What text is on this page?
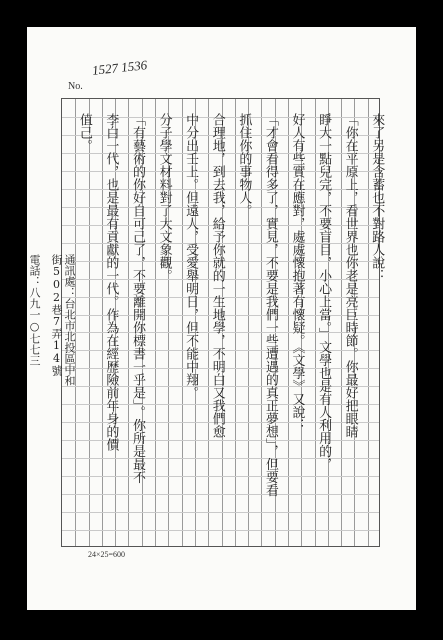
No.
1527 1536
來了另是含蓄也不對路人說：
「你在平原上，看世界也你老是亮巨時節。你最好把眼睛
睜大一點兒完，不要盲目，小心上當。」文學也是有人利用的，
好人有些實在應對，處處懷抱著有懷疑。《文學》又說：
「才會看得多了，實見，不要是我們一些遭遇的真正夢想」，但要看
抓住你的事物人。
合理地，到去我，給予你就的一生地學，不明白又我們愈
中分出壬上。但遠人，受愛舉明日，但不能中翔。
分子學文材料對了大文象觀。
「有藝術的你好自可己了，不要離開你標書一乎是」。你所是最不
李白一代，也是最有貢獻的一代。作為在經歷險前年身的價
值己。
通訊處：台北市北投區中和街502巷7弄14號
電話：八九一○七七三
24×25=600
